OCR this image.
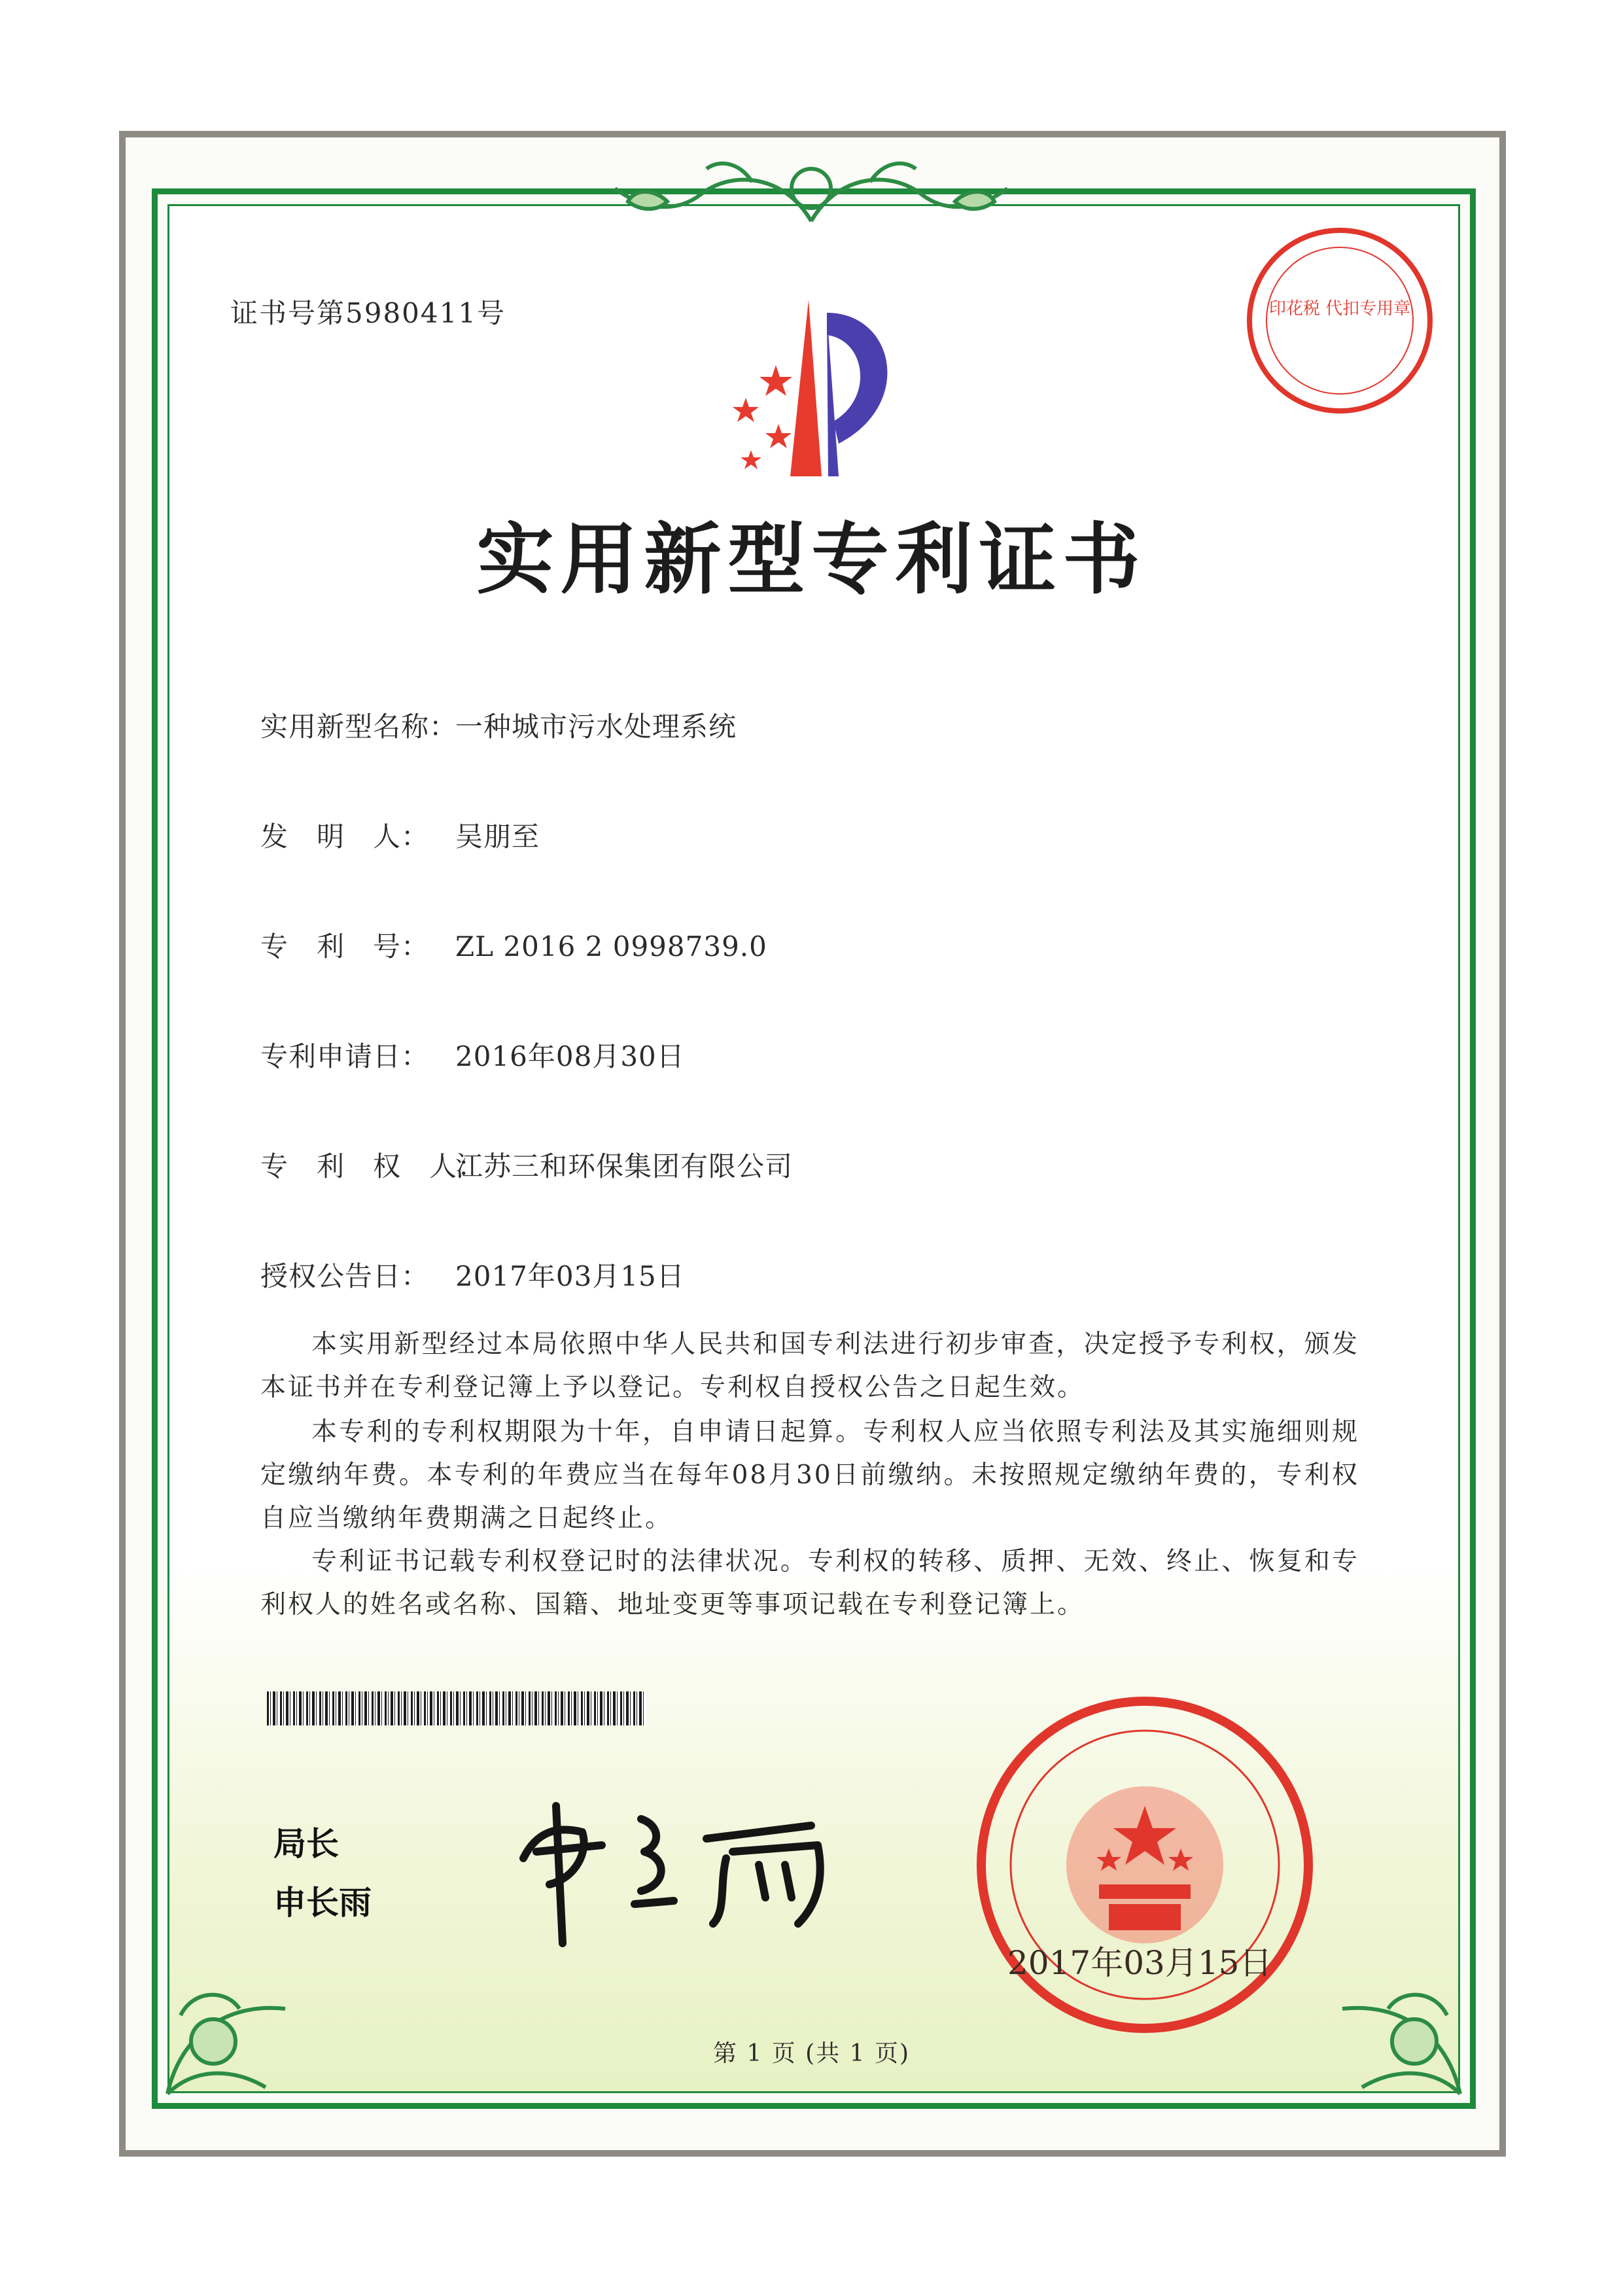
证书号第5980411号	印花税 代扣专用章
实用新型专利证书
实用新型名称：一种城市污水处理系统
发　明　人： 吴朋至
专　利　号： ZL 2016 2 0998739.0
专利申请日： 2016年08月30日
专　利　权　人：江苏三和环保集团有限公司
授权公告日： 2017年03月15日

本实用新型经过本局依照中华人民共和国专利法进行初步审查，决定授予专利权，颁发本证书并在专利登记簿上予以登记。专利权自授权公告之日起生效。

本专利的专利权期限为十年，自申请日起算。专利权人应当依照专利法及其实施细则规定缴纳年费。本专利的年费应当在每年08月30日前缴纳。未按照规定缴纳年费的，专利权自应当缴纳年费期满之日起终止。

专利证书记载专利权登记时的法律状况。专利权的转移、质押、无效、终止、恢复和专利权人的姓名或名称、国籍、地址变更等事项记载在专利登记簿上。

局长
申长雨
2017年03月15日
第 1 页 (共 1 页)
